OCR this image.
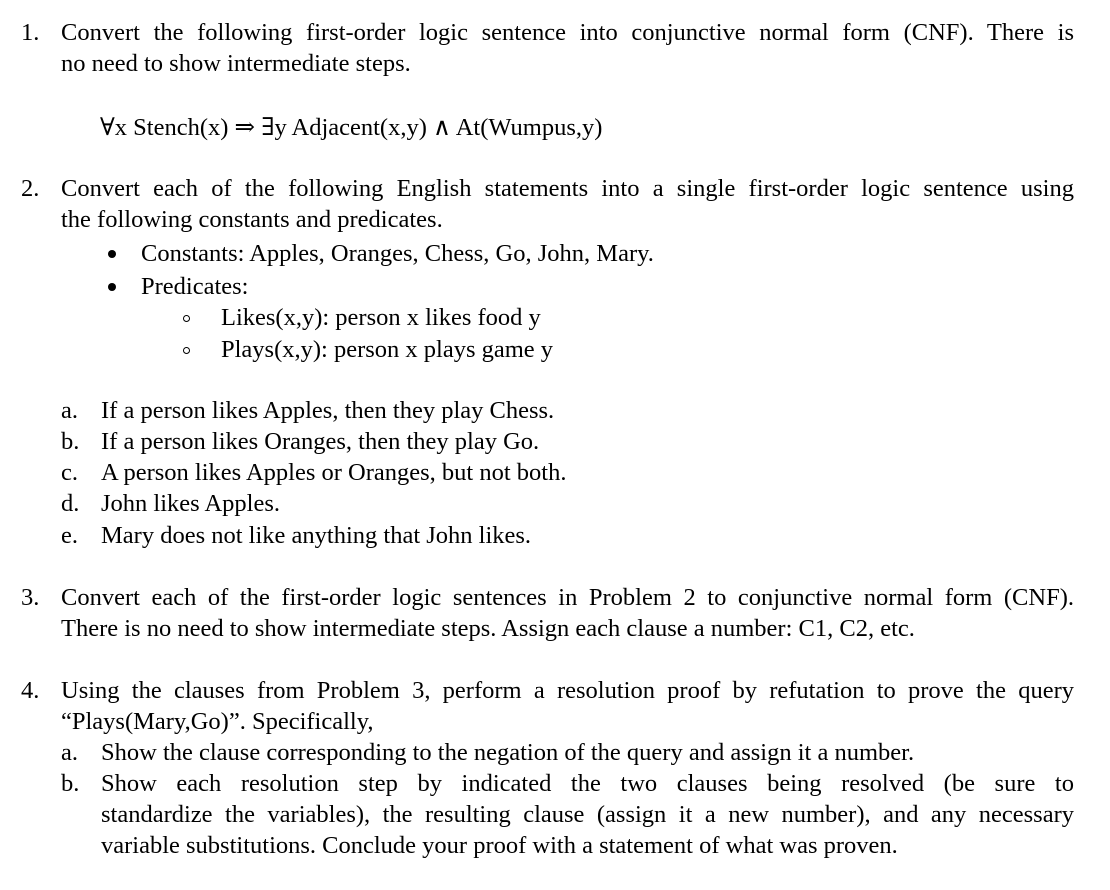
1. Convert the following first-order logic sentence into conjunctive normal form (CNF). There is
no need to show intermediate steps.
∀x Stench(x) ⇒ ∃y Adjacent(x,y) ∧ At(Wumpus,y)
2. Convert each of the following English statements into a single first-order logic sentence using
the following constants and predicates.
Constants: Apples, Oranges, Chess, Go, John, Mary.
Predicates:
Likes(x,y): person x likes food y
Plays(x,y): person x plays game y
a. If a person likes Apples, then they play Chess.
b. If a person likes Oranges, then they play Go.
c. A person likes Apples or Oranges, but not both.
d. John likes Apples.
e. Mary does not like anything that John likes.
3. Convert each of the first-order logic sentences in Problem 2 to conjunctive normal form (CNF).
There is no need to show intermediate steps. Assign each clause a number: C1, C2, etc.
4. Using the clauses from Problem 3, perform a resolution proof by refutation to prove the query
“Plays(Mary,Go)”. Specifically,
a. Show the clause corresponding to the negation of the query and assign it a number.
b. Show each resolution step by indicated the two clauses being resolved (be sure to
standardize the variables), the resulting clause (assign it a new number), and any necessary
variable substitutions. Conclude your proof with a statement of what was proven.
